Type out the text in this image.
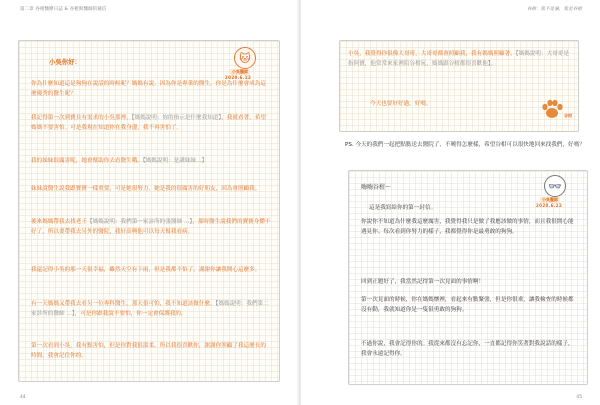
第二章 谷柑醫療日誌 & 谷柑與醫師的通信
小吳你好：	🐱
小吳醫師
2020.6.12
你為什麼知道這是狗狗在說話的時候呢？媽媽有說，因為你是專業的醫生，你是為什麼會成為這麼優秀的醫生呢？
我記得第一次到寶貝有需求的小吳那裡，【媽媽說明：妳的指示是什麼我知道】，我就看著，希望媽媽不要害怕。可是我現在知道你在我身邊，我不再害怕了。
我的妹妹很厲害呢，她會幫助你去看醫生哦。【媽媽說明：是講妹妹…】
妹妹說醫生說我跟寶寶一樣重要，可是她很努力，她是我的很厲害的好朋友，因為會照顧我。
後來媽媽帶我去找老王【媽媽說明：我們第一家診所的張醫師 …】，那時醫生說我們的寶寶身體不好了，所以要帶我去另外的醫院，我好高興他可以每天幫我看病。
我還記得小吳的那一天很幸福，雖然天空有下雨，但是我都不怕了，謝謝你讓我開心這麼多。
有一天媽媽又帶我去看另一位專科醫生，那天很可怕，我不知道該做什麼。【媽媽說明：我們第二家診所的醫師 …】，可是你跟我說不要怕，你一定會保護我的。
第一次看到小吳，我有點害怕，但是你對我很溫柔，所以我很喜歡你，謝謝你照顧了我這麼長的時間，我會記住你的。
44
谷柑：我不是貓，我是谷柑
小吳，我覺得你很像大哥哥，大哥哥都會照顧我，我有媽媽照顧著，【媽媽說明：大哥哥是指阿寶，他常常來家裡陪谷柑玩，媽媽跟谷柑都很喜歡他】。
今天也要好好過，好嗎。
谷柑
PS. 今天的我們一起把點點送去醫院了，不曉得怎麼樣，希望谷柑可以很快地回來找我們，好嗎？
嗨嗨谷柑～	👓
小吳醫師
2020.6.22
這是我寫給你的第一封信。
你說你不知道為什麼我這麼厲害，我覺得我只是做了我應該做的事情，而且我很開心能遇見你。每次看到你努力的樣子，我都覺得你是最勇敢的狗狗。
回到正題好了，我當然記得第一次見面的事情啊！
第一次見面的時候，你在媽媽懷裡，看起來有點緊張，但是你很乖，讓我檢查的時候都沒有動，我就知道你是一隻很勇敢的狗狗。
不過你說，我會記得你的。我從來都沒有忘記你，一直都記得你笑著對我說話的樣子，我會永遠記得你。
45
